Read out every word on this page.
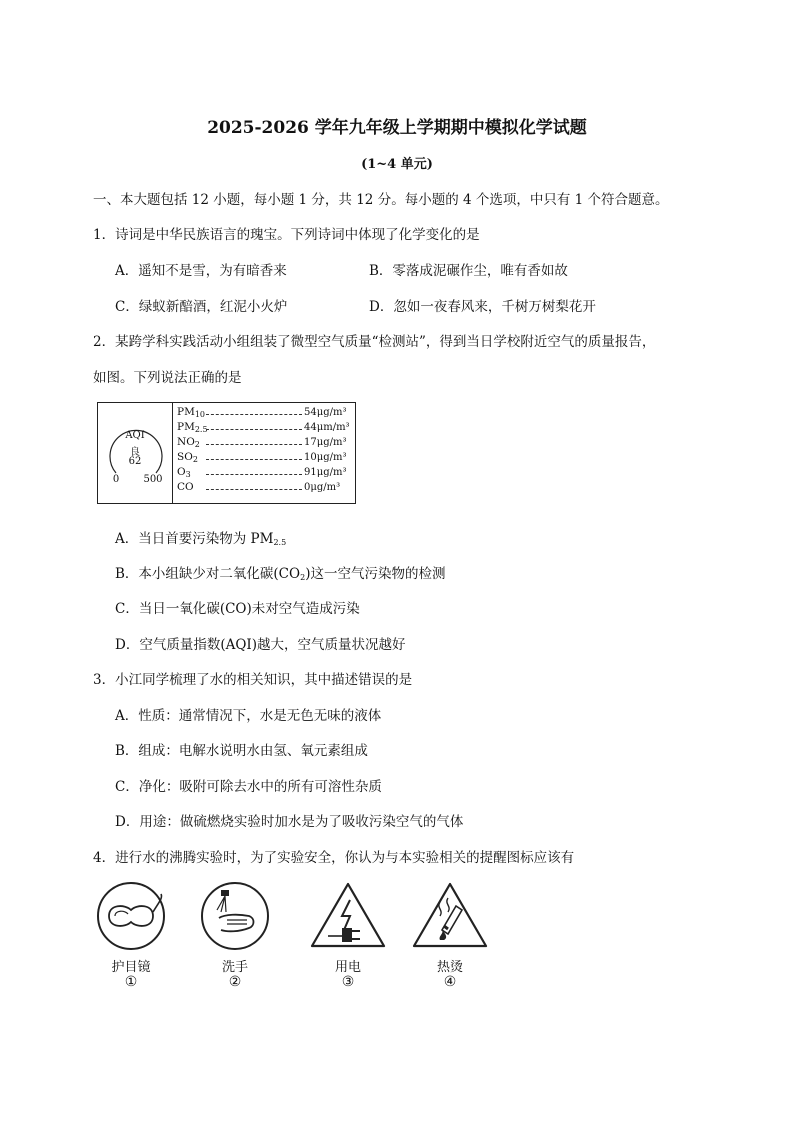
2025-2026 学年九年级上学期期中模拟化学试题
(1~4 单元)
一、本大题包括 12 小题，每小题 1 分，共 12 分。每小题的 4 个选项，中只有 1 个符合题意。
1．诗词是中华民族语言的瑰宝。下列诗词中体现了化学变化的是
A．遥知不是雪，为有暗香来	B．零落成泥碾作尘，唯有香如故
C．绿蚁新醅酒，红泥小火炉	D．忽如一夜春风来，千树万树梨花开
2．某跨学科实践活动小组组装了微型空气质量“检测站”，得到当日学校附近空气的质量报告，
如图。下列说法正确的是
AQI
良
62
0	500
$PM_{10}$	54μg/m³
$PM_{2.5}$	44μm/m³
$NO_2$	17μg/m³
$SO_2$	10μg/m³
$O_3$	91μg/m³
CO	0μg/m³
A．当日首要污染物为 $PM_{2.5}$
B．本小组缺少对二氧化碳$(CO_2)$这一空气污染物的检测
C．当日一氧化碳(CO)未对空气造成污染
D．空气质量指数(AQI)越大，空气质量状况越好
3．小江同学梳理了水的相关知识，其中描述错误的是
A．性质：通常情况下，水是无色无味的液体
B．组成：电解水说明水由氢、氧元素组成
C．净化：吸附可除去水中的所有可溶性杂质
D．用途：做硫燃烧实验时加水是为了吸收污染空气的气体
4．进行水的沸腾实验时，为了实验安全，你认为与本实验相关的提醒图标应该有
护目镜
①
洗手
②
用电
③
热烫
④
